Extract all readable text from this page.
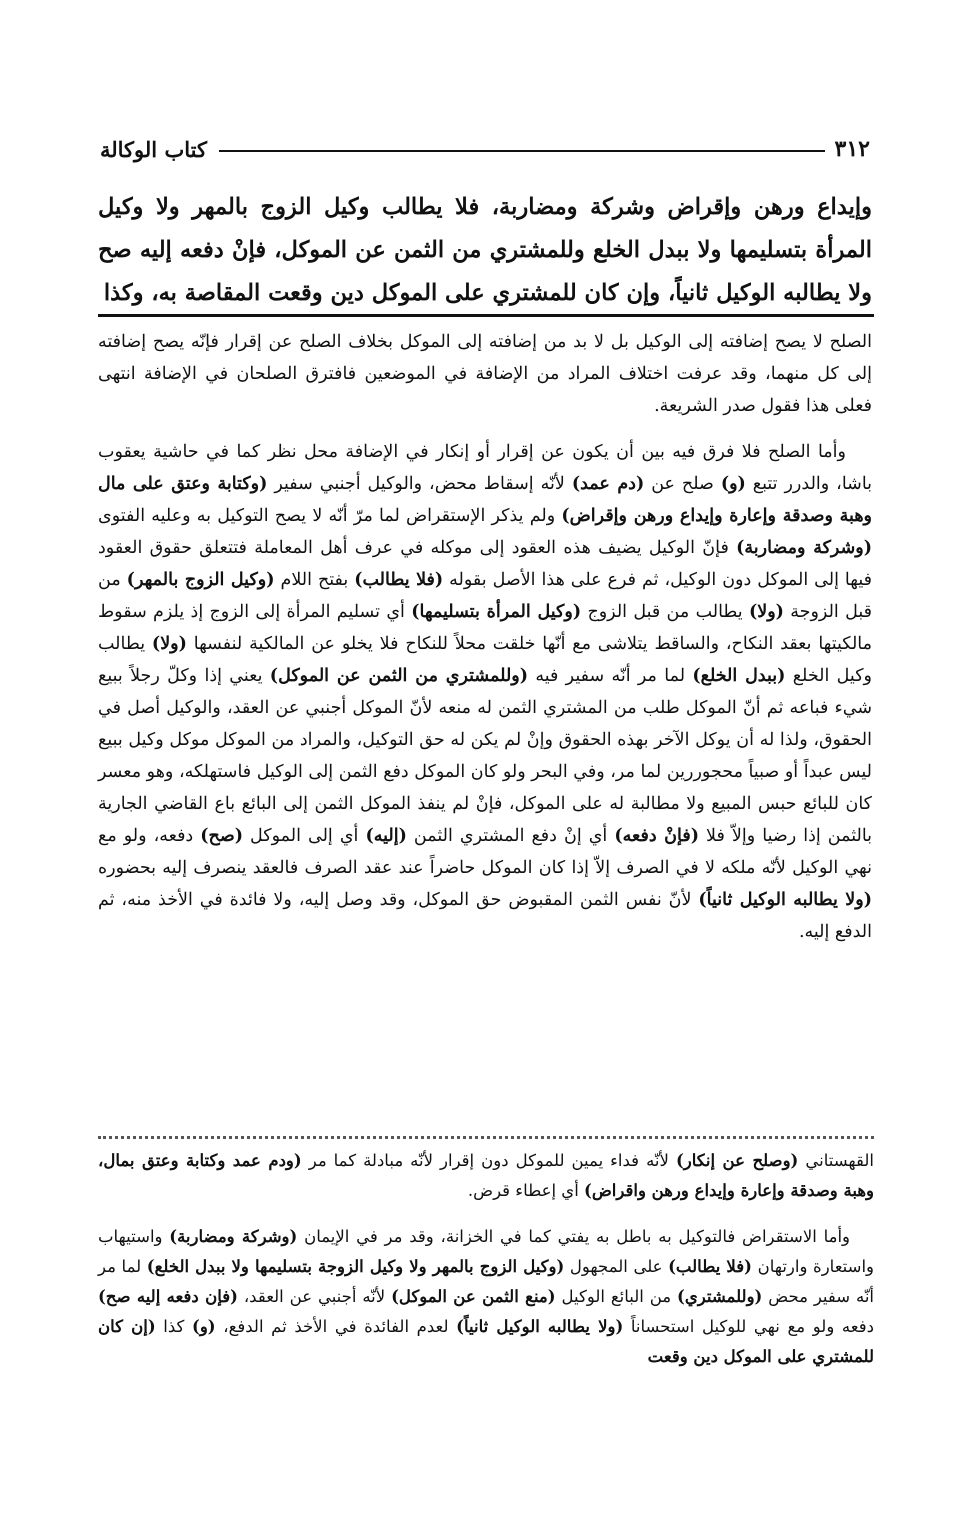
٣١٢
كتاب الوكالة
وإيداع ورهن وإقراض وشركة ومضاربة، فلا يطالب وكيل الزوج بالمهر ولا وكيل المرأة بتسليمها ولا ببدل الخلع وللمشتري من الثمن عن الموكل، فإنْ دفعه إليه صح ولا يطالبه الوكيل ثانياً، وإن كان للمشتري على الموكل دين وقعت المقاصة به، وكذا

الصلح لا يصح إضافته إلى الوكيل بل لا بد من إضافته إلى الموكل بخلاف الصلح عن إقرار فإنّه يصح إضافته إلى كل منهما، وقد عرفت اختلاف المراد من الإضافة في الموضعين فافترق الصلحان في الإضافة انتهى فعلى هذا فقول صدر الشريعة.

وأما الصلح فلا فرق فيه بين أن يكون عن إقرار أو إنكار في الإضافة محل نظر كما في حاشية يعقوب باشا، والدرر تتبع (و) صلح عن (دم عمد) لأنّه إسقاط محض، والوكيل أجنبي سفير (وكتابة وعتق على مال وهبة وصدقة وإعارة وإيداع ورهن وإقراض) ولم يذكر الإستقراض لما مرّ أنّه لا يصح التوكيل به وعليه الفتوى (وشركة ومضاربة) فإنّ الوكيل يضيف هذه العقود إلى موكله في عرف أهل المعاملة فتتعلق حقوق العقود فيها إلى الموكل دون الوكيل، ثم فرع على هذا الأصل بقوله (فلا يطالب) بفتح اللام (وكيل الزوج بالمهر) من قبل الزوجة (ولا) يطالب من قبل الزوج (وكيل المرأة بتسليمها) أي تسليم المرأة إلى الزوج إذ يلزم سقوط مالكيتها بعقد النكاح، والساقط يتلاشى مع أنّها خلقت محلاً للنكاح فلا يخلو عن المالكية لنفسها (ولا) يطالب وكيل الخلع (ببدل الخلع) لما مر أنّه سفير فيه (وللمشتري من الثمن عن الموكل) يعني إذا وكلّ رجلاً ببيع شيء فباعه ثم أنّ الموكل طلب من المشتري الثمن له منعه لأنّ الموكل أجنبي عن العقد، والوكيل أصل في الحقوق، ولذا له أن يوكل الآخر بهذه الحقوق وإنْ لم يكن له حق التوكيل، والمراد من الموكل موكل وكيل ببيع ليس عبداً أو صبياً محجوررين لما مر، وفي البحر ولو كان الموكل دفع الثمن إلى الوكيل فاستهلكه، وهو معسر كان للبائع حبس المبيع ولا مطالبة له على الموكل، فإنْ لم ينفذ الموكل الثمن إلى البائع باع القاضي الجارية بالثمن إذا رضيا وإلاّ فلا (فإنْ دفعه) أي إنْ دفع المشتري الثمن (إليه) أي إلى الموكل (صح) دفعه، ولو مع نهي الوكيل لأنّه ملكه لا في الصرف إلاّ إذا كان الموكل حاضراً عند عقد الصرف فالعقد ينصرف إليه بحضوره (ولا يطالبه الوكيل ثانياً) لأنّ نفس الثمن المقبوض حق الموكل، وقد وصل إليه، ولا فائدة في الأخذ منه، ثم الدفع إليه.

القهستاني (وصلح عن إنكار) لأنّه فداء يمين للموكل دون إقرار لأنّه مبادلة كما مر (ودم عمد وكتابة وعتق بمال، وهبة وصدقة وإعارة وإيداع ورهن واقراض) أي إعطاء قرض.

وأما الاستقراض فالتوكيل به باطل به يفتي كما في الخزانة، وقد مر في الإيمان (وشركة ومضاربة) واستيهاب واستعارة وارتهان (فلا يطالب) على المجهول (وكيل الزوج بالمهر ولا وكيل الزوجة بتسليمها ولا ببدل الخلع) لما مر أنّه سفير محض (وللمشتري) من البائع الوكيل (منع الثمن عن الموكل) لأنّه أجنبي عن العقد، (فإن دفعه إليه صح) دفعه ولو مع نهي للوكيل استحساناً (ولا يطالبه الوكيل ثانياً) لعدم الفائدة في الأخذ ثم الدفع، (و) كذا (إن كان للمشتري على الموكل دين وقعت
